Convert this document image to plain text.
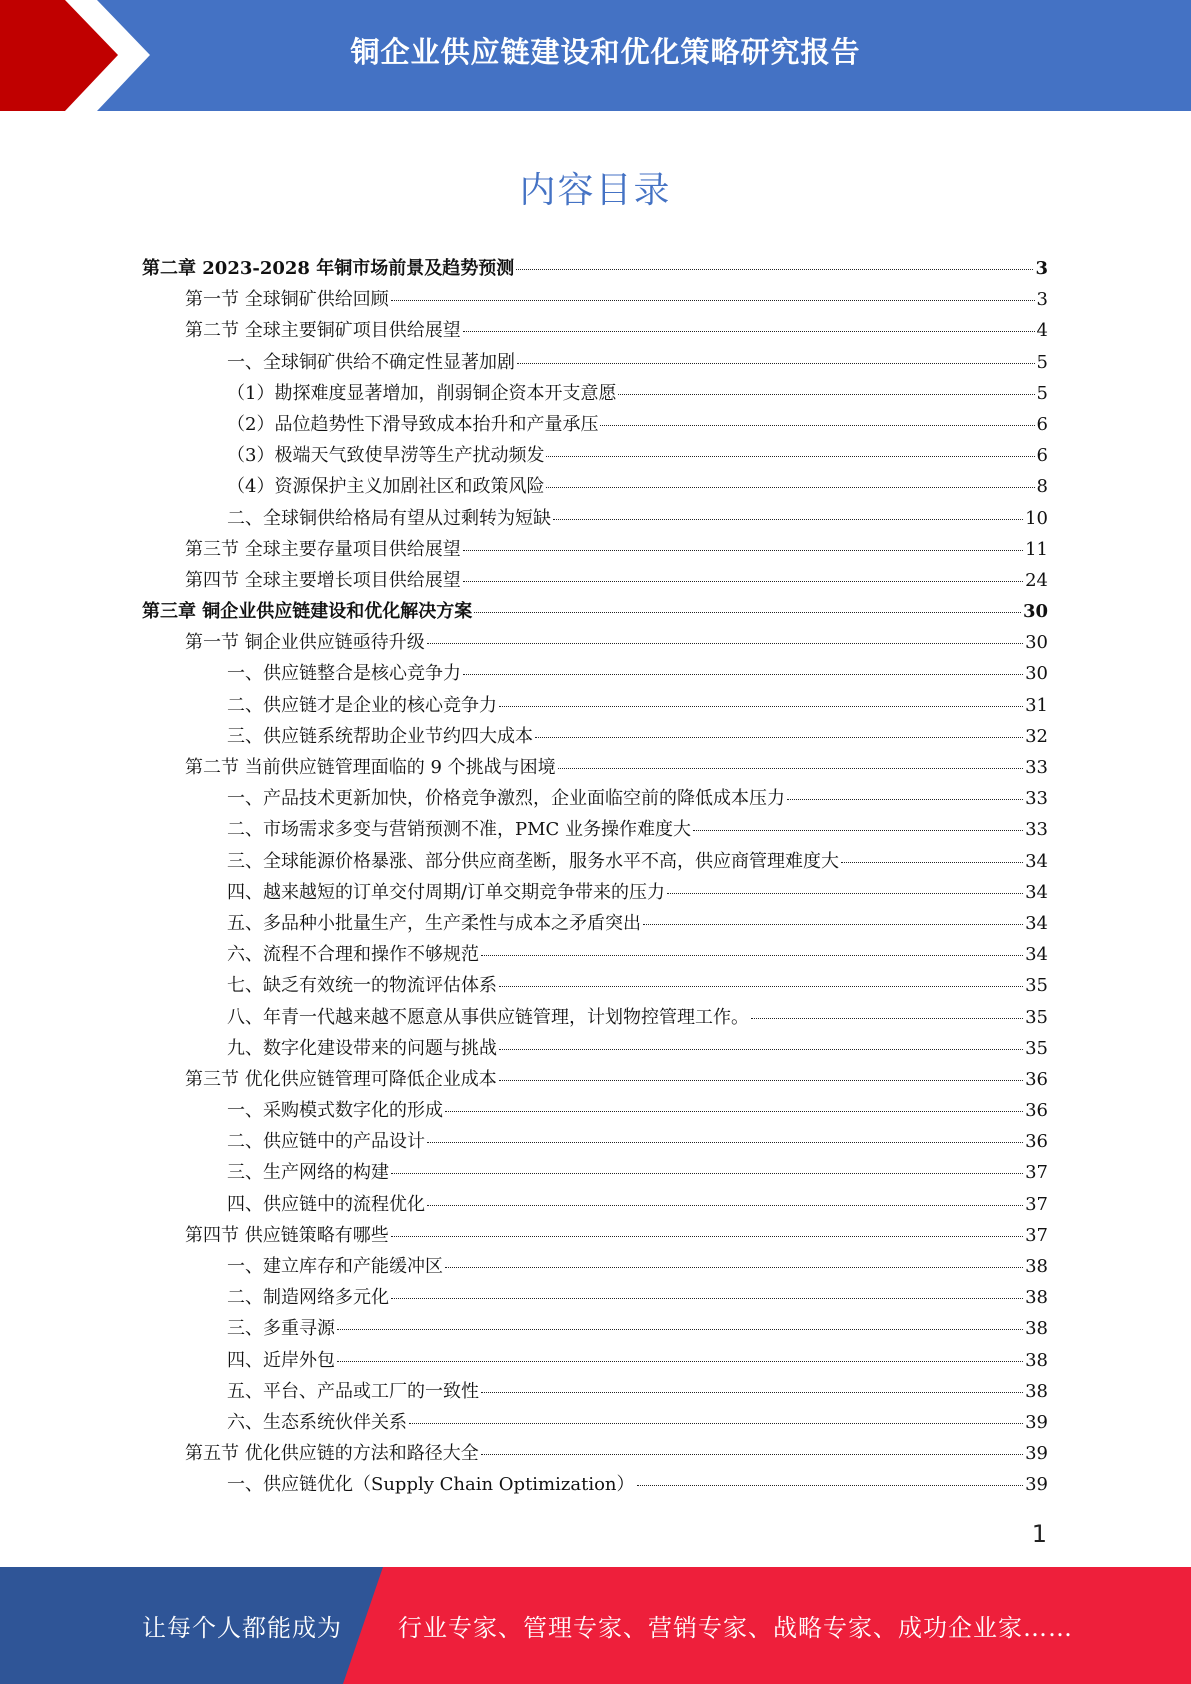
铜企业供应链建设和优化策略研究报告
内容目录
第二章 2023-2028 年铜市场前景及趋势预测	3
第一节 全球铜矿供给回顾	3
第二节 全球主要铜矿项目供给展望	4
一、全球铜矿供给不确定性显著加剧	5
（1）勘探难度显著增加，削弱铜企资本开支意愿	5
（2）品位趋势性下滑导致成本抬升和产量承压	6
（3）极端天气致使旱涝等生产扰动频发	6
（4）资源保护主义加剧社区和政策风险	8
二、全球铜供给格局有望从过剩转为短缺	10
第三节 全球主要存量项目供给展望	11
第四节 全球主要增长项目供给展望	24
第三章 铜企业供应链建设和优化解决方案	30
第一节 铜企业供应链亟待升级	30
一、供应链整合是核心竞争力	30
二、供应链才是企业的核心竞争力	31
三、供应链系统帮助企业节约四大成本	32
第二节 当前供应链管理面临的 9 个挑战与困境	33
一、产品技术更新加快，价格竞争激烈，企业面临空前的降低成本压力	33
二、市场需求多变与营销预测不准，PMC 业务操作难度大	33
三、全球能源价格暴涨、部分供应商垄断，服务水平不高，供应商管理难度大	34
四、越来越短的订单交付周期/订单交期竞争带来的压力	34
五、多品种小批量生产，生产柔性与成本之矛盾突出	34
六、流程不合理和操作不够规范	34
七、缺乏有效统一的物流评估体系	35
八、年青一代越来越不愿意从事供应链管理，计划物控管理工作。	35
九、数字化建设带来的问题与挑战	35
第三节 优化供应链管理可降低企业成本	36
一、采购模式数字化的形成	36
二、供应链中的产品设计	36
三、生产网络的构建	37
四、供应链中的流程优化	37
第四节 供应链策略有哪些	37
一、建立库存和产能缓冲区	38
二、制造网络多元化	38
三、多重寻源	38
四、近岸外包	38
五、平台、产品或工厂的一致性	38
六、生态系统伙伴关系	39
第五节 优化供应链的方法和路径大全	39
一、供应链优化（Supply Chain Optimization）	39
1
让每个人都能成为 行业专家、管理专家、营销专家、战略专家、成功企业家……
